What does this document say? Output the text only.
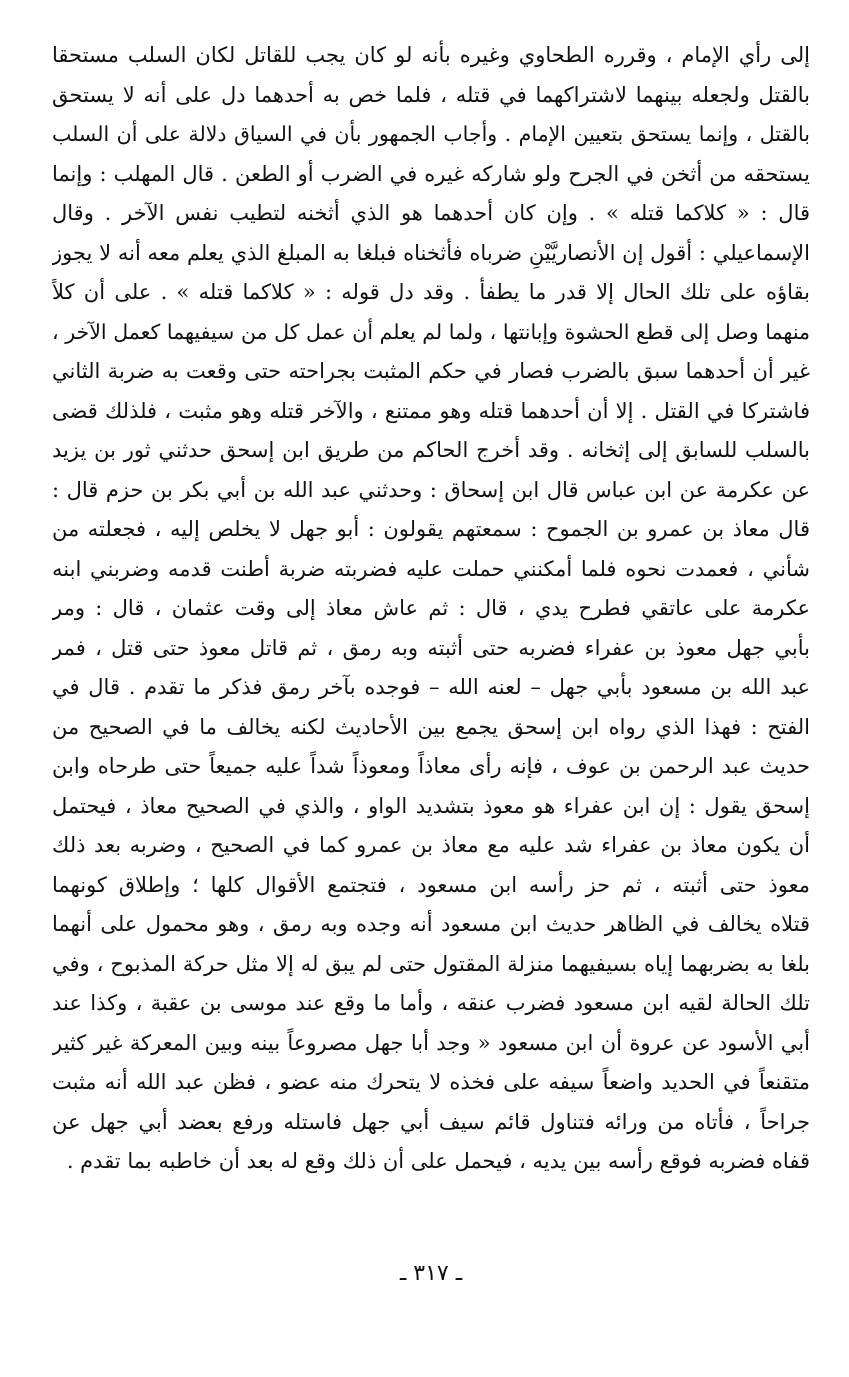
إلى رأي الإمام ، وقرره الطحاوي وغيره بأنه لو كان يجب للقاتل لكان السلب مستحقا
بالقتل ولجعله بينهما لاشتراكهما في قتله ، فلما خص به أحدهما دل على أنه لا يستحق
بالقتل ، وإنما يستحق بتعيين الإمام . وأجاب الجمهور بأن في السياق دلالة على أن السلب
يستحقه من أثخن في الجرح ولو شاركه غيره في الضرب أو الطعن . قال المهلب : وإنما
قال : « كلاكما قتله » . وإن كان أحدهما هو الذي أثخنه لتطيب نفس الآخر . وقال
الإسماعيلي : أقول إن الأنصاريَّيْنِ ضرباه فأثخناه فبلغا به المبلغ الذي يعلم معه أنه لا يجوز
بقاؤه على تلك الحال إلا قدر ما يطفأ . وقد دل قوله : « كلاكما قتله » . على أن كلاً
منهما وصل إلى قطع الحشوة وإبانتها ، ولما لم يعلم أن عمل كل من سيفيهما كعمل الآخر ،
غير أن أحدهما سبق بالضرب فصار في حكم المثبت بجراحته حتى وقعت به ضربة الثاني
فاشتركا في القتل . إلا أن أحدهما قتله وهو ممتنع ، والآخر قتله وهو مثبت ، فلذلك قضى
بالسلب للسابق إلى إثخانه . وقد أخرج الحاكم من طريق ابن إسحق حدثني ثور بن يزيد
عن عكرمة عن ابن عباس قال ابن إسحاق : وحدثني عبد الله بن أبي بكر بن حزم قال :
قال معاذ بن عمرو بن الجموح : سمعتهم يقولون : أبو جهل لا يخلص إليه ، فجعلته من
شأني ، فعمدت نحوه فلما أمكنني حملت عليه فضربته ضربة أطنت قدمه وضربني ابنه
عكرمة على عاتقي فطرح يدي ، قال : ثم عاش معاذ إلى وقت عثمان ، قال : ومر
بأبي جهل معوذ بن عفراء فضربه حتى أثبته وبه رمق ، ثم قاتل معوذ حتى قتل ، فمر
عبد الله بن مسعود بأبي جهل – لعنه الله – فوجده بآخر رمق فذكر ما تقدم . قال في
الفتح : فهذا الذي رواه ابن إسحق يجمع بين الأحاديث لكنه يخالف ما في الصحيح من
حديث عبد الرحمن بن عوف ، فإنه رأى معاذاً ومعوذاً شداً عليه جميعاً حتى طرحاه وابن
إسحق يقول : إن ابن عفراء هو معوذ بتشديد الواو ، والذي في الصحيح معاذ ، فيحتمل
أن يكون معاذ بن عفراء شد عليه مع معاذ بن عمرو كما في الصحيح ، وضربه بعد ذلك
معوذ حتى أثبته ، ثم حز رأسه ابن مسعود ، فتجتمع الأقوال كلها ؛ وإطلاق كونهما
قتلاه يخالف في الظاهر حديث ابن مسعود أنه وجده وبه رمق ، وهو محمول على أنهما
بلغا به بضربهما إياه بسيفيهما منزلة المقتول حتى لم يبق له إلا مثل حركة المذبوح ، وفي
تلك الحالة لقيه ابن مسعود فضرب عنقه ، وأما ما وقع عند موسى بن عقبة ، وكذا عند
أبي الأسود عن عروة أن ابن مسعود « وجد أبا جهل مصروعاً بينه وبين المعركة غير كثير
متقنعاً في الحديد واضعاً سيفه على فخذه لا يتحرك منه عضو ، فظن عبد الله أنه مثبت
جراحاً ، فأتاه من ورائه فتناول قائم سيف أبي جهل فاستله ورفع بعضد أبي جهل عن
قفاه فضربه فوقع رأسه بين يديه ، فيحمل على أن ذلك وقع له بعد أن خاطبه بما تقدم .
ـ ٣١٧ ـ
